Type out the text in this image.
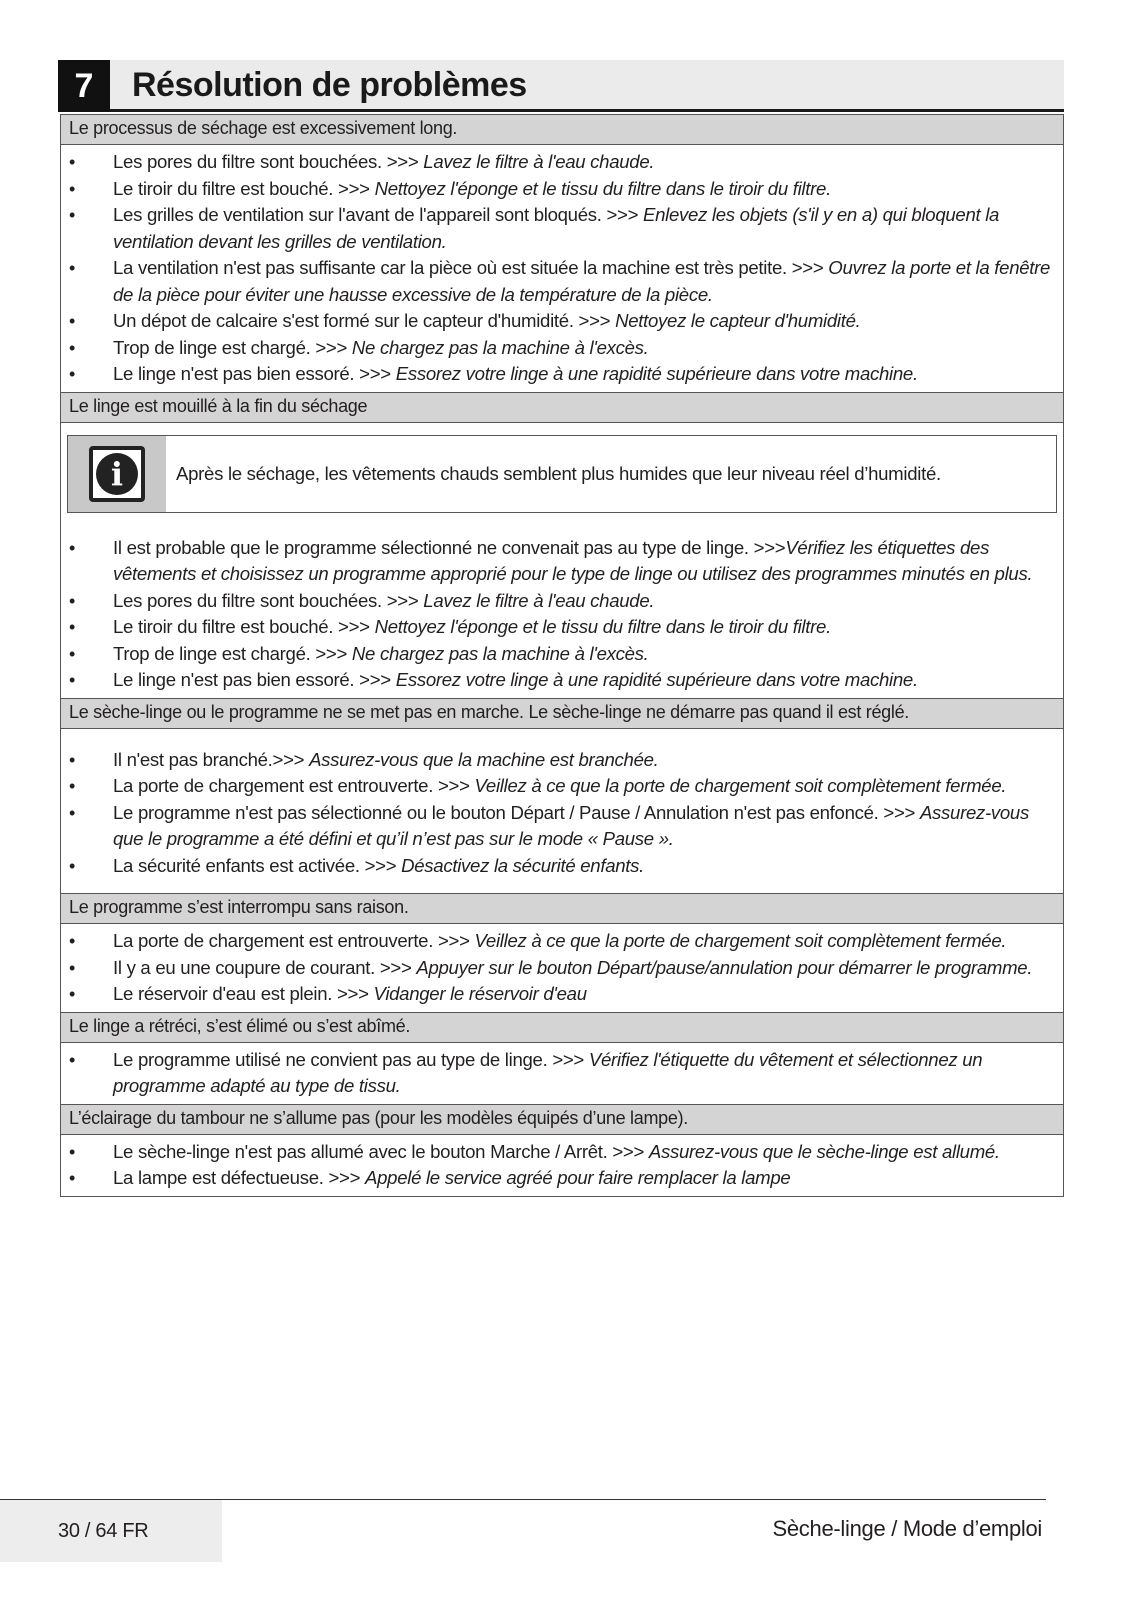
7	Résolution de problèmes
Le processus de séchage est excessivement long.
• Les pores du filtre sont bouchées. >>> Lavez le filtre à l'eau chaude.
• Le tiroir du filtre est bouché. >>> Nettoyez l'éponge et le tissu du filtre dans le tiroir du filtre.
• Les grilles de ventilation sur l'avant de l'appareil sont bloqués. >>> Enlevez les objets (s'il y en a) qui bloquent la ventilation devant les grilles de ventilation.
• La ventilation n'est pas suffisante car la pièce où est située la machine est très petite. >>> Ouvrez la porte et la fenêtre de la pièce pour éviter une hausse excessive de la température de la pièce.
• Un dépot de calcaire s'est formé sur le capteur d'humidité. >>> Nettoyez le capteur d'humidité.
• Trop de linge est chargé. >>> Ne chargez pas la machine à l'excès.
• Le linge n'est pas bien essoré. >>> Essorez votre linge à une rapidité supérieure dans votre machine.
Le linge est mouillé à la fin du séchage
i	Après le séchage, les vêtements chauds semblent plus humides que leur niveau réel d’humidité.
• Il est probable que le programme sélectionné ne convenait pas au type de linge. >>>Vérifiez les étiquettes des vêtements et choisissez un programme approprié pour le type de linge ou utilisez des programmes minutés en plus.
• Les pores du filtre sont bouchées. >>> Lavez le filtre à l'eau chaude.
• Le tiroir du filtre est bouché. >>> Nettoyez l'éponge et le tissu du filtre dans le tiroir du filtre.
• Trop de linge est chargé. >>> Ne chargez pas la machine à l'excès.
• Le linge n'est pas bien essoré. >>> Essorez votre linge à une rapidité supérieure dans votre machine.
Le sèche-linge ou le programme ne se met pas en marche. Le sèche-linge ne démarre pas quand il est réglé.
• Il n'est pas branché.>>> Assurez-vous que la machine est branchée.
• La porte de chargement est entrouverte. >>> Veillez à ce que la porte de chargement soit complètement fermée.
• Le programme n'est pas sélectionné ou le bouton Départ / Pause / Annulation n'est pas enfoncé. >>> Assurez-vous que le programme a été défini et qu’il n’est pas sur le mode « Pause ».
• La sécurité enfants est activée. >>> Désactivez la sécurité enfants.
Le programme s’est interrompu sans raison.
• La porte de chargement est entrouverte. >>> Veillez à ce que la porte de chargement soit complètement fermée.
• Il y a eu une coupure de courant. >>> Appuyer sur le bouton Départ/pause/annulation pour démarrer le programme.
• Le réservoir d'eau est plein. >>> Vidanger le réservoir d'eau
Le linge a rétréci, s’est élimé ou s’est abîmé.
• Le programme utilisé ne convient pas au type de linge. >>> Vérifiez l'étiquette du vêtement et sélectionnez un programme adapté au type de tissu.
L’éclairage du tambour ne s’allume pas (pour les modèles équipés d’une lampe).
• Le sèche-linge n'est pas allumé avec le bouton Marche / Arrêt. >>> Assurez-vous que le sèche-linge est allumé.
• La lampe est défectueuse. >>> Appelé le service agréé pour faire remplacer la lampe
30 / 64 FR	Sèche-linge / Mode d’emploi
